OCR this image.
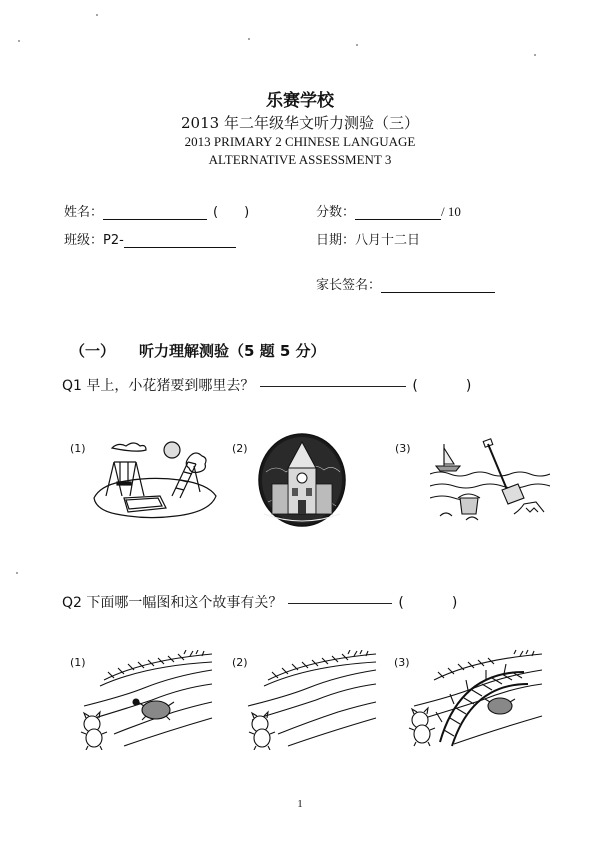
乐赛学校
2013 年二年级华文听力测验（三）
2013 PRIMARY 2 CHINESE LANGUAGE
ALTERNATIVE ASSESSMENT 3
姓名：	(　　)
班级：P2-
分数：	/ 10
日期：八月十二日
家长签名：
（一） 听力理解测验（5 题 5 分）
Q1 早上，小花猪要到哪里去？	(	)
(1)	(2)	(3)
Q2 下面哪一幅图和这个故事有关？	(	)
(1)	(2)	(3)
1
